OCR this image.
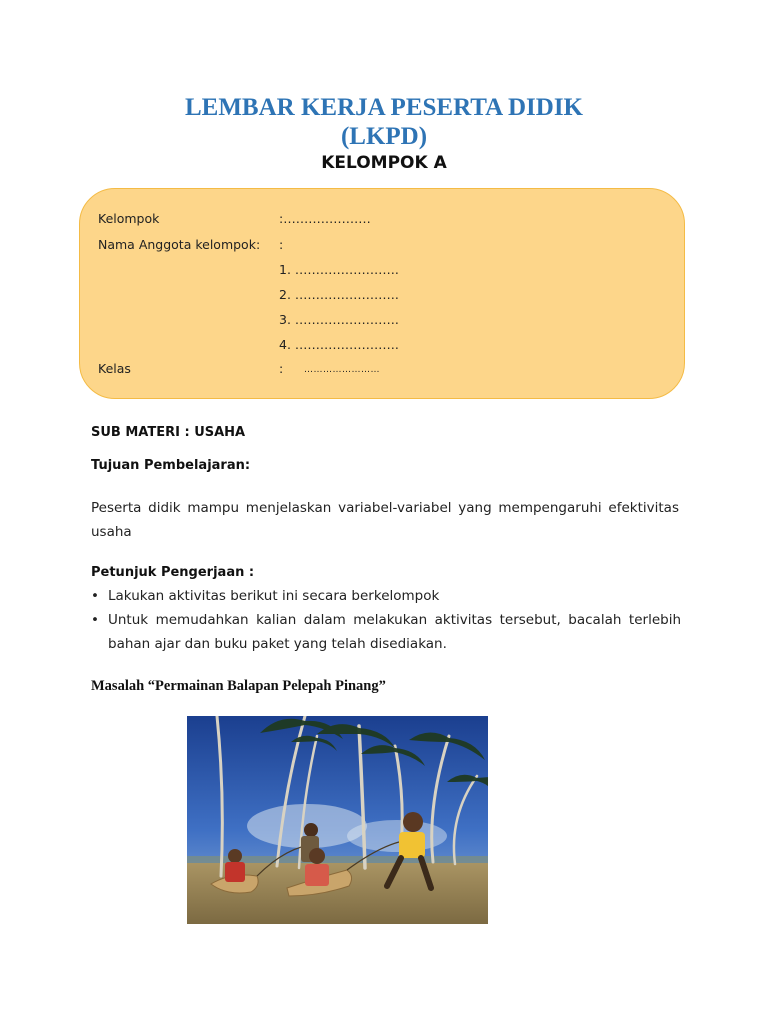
LEMBAR KERJA PESERTA DIDIK
(LKPD)
KELOMPOK A
Kelompok	:…………………
Nama Anggota kelompok: :
1. …………………….
2. …………………….
3. …………………….
4. …………………….
Kelas	: ……………………

SUB MATERI : USAHA

Tujuan Pembelajaran:

Peserta didik mampu menjelaskan variabel-variabel yang mempengaruhi efektivitas usaha

Petunjuk Pengerjaan :

• Lakukan aktivitas berikut ini secara berkelompok
• Untuk memudahkan kalian dalam melakukan aktivitas tersebut, bacalah terlebih bahan ajar dan buku paket yang telah disediakan.

Masalah “Permainan Balapan Pelepah Pinang”
